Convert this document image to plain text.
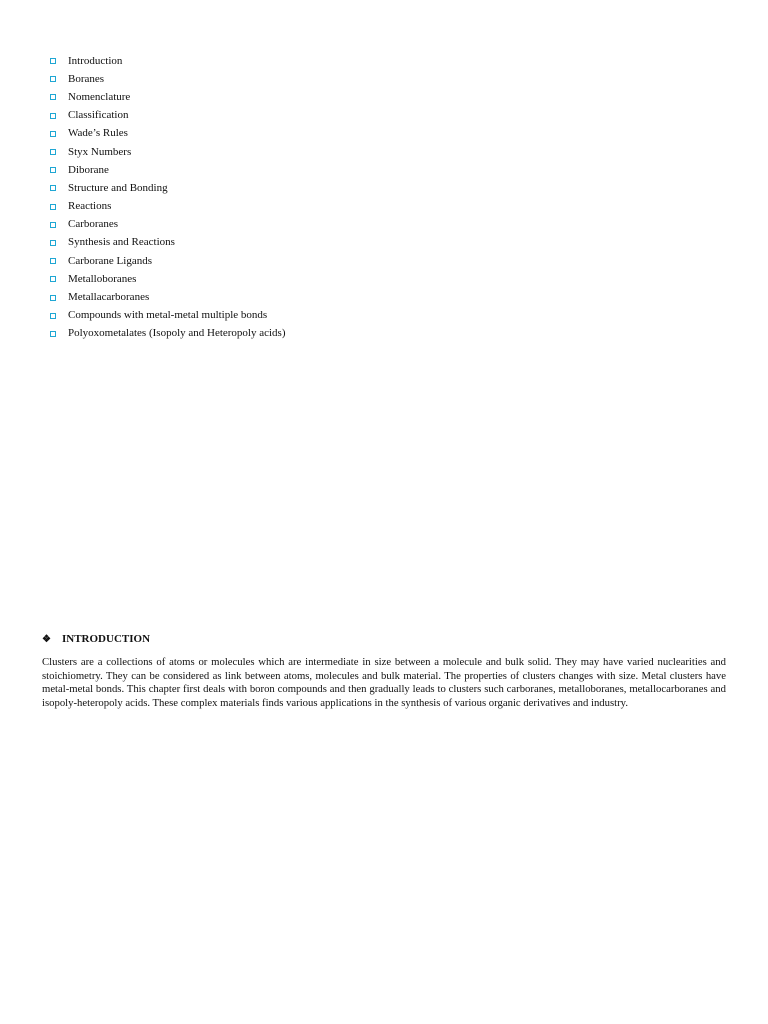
Introduction
Boranes
Nomenclature
Classification
Wade’s Rules
Styx Numbers
Diborane
Structure and Bonding
Reactions
Carboranes
Synthesis and Reactions
Carborane Ligands
Metalloboranes
Metallacarboranes
Compounds with metal-metal multiple bonds
Polyoxometalates (Isopoly and Heteropoly acids)
❖ INTRODUCTION

Clusters are a collections of atoms or molecules which are intermediate in size between a molecule and bulk solid. They may have varied nuclearities and stoichiometry. They can be considered as link between atoms, molecules and bulk material. The properties of clusters changes with size. Metal clusters have metal-metal bonds. This chapter first deals with boron compounds and then gradually leads to clusters such carboranes, metalloboranes, metallocarboranes and isopoly-heteropoly acids. These complex materials finds various applications in the synthesis of various organic derivatives and industry.
